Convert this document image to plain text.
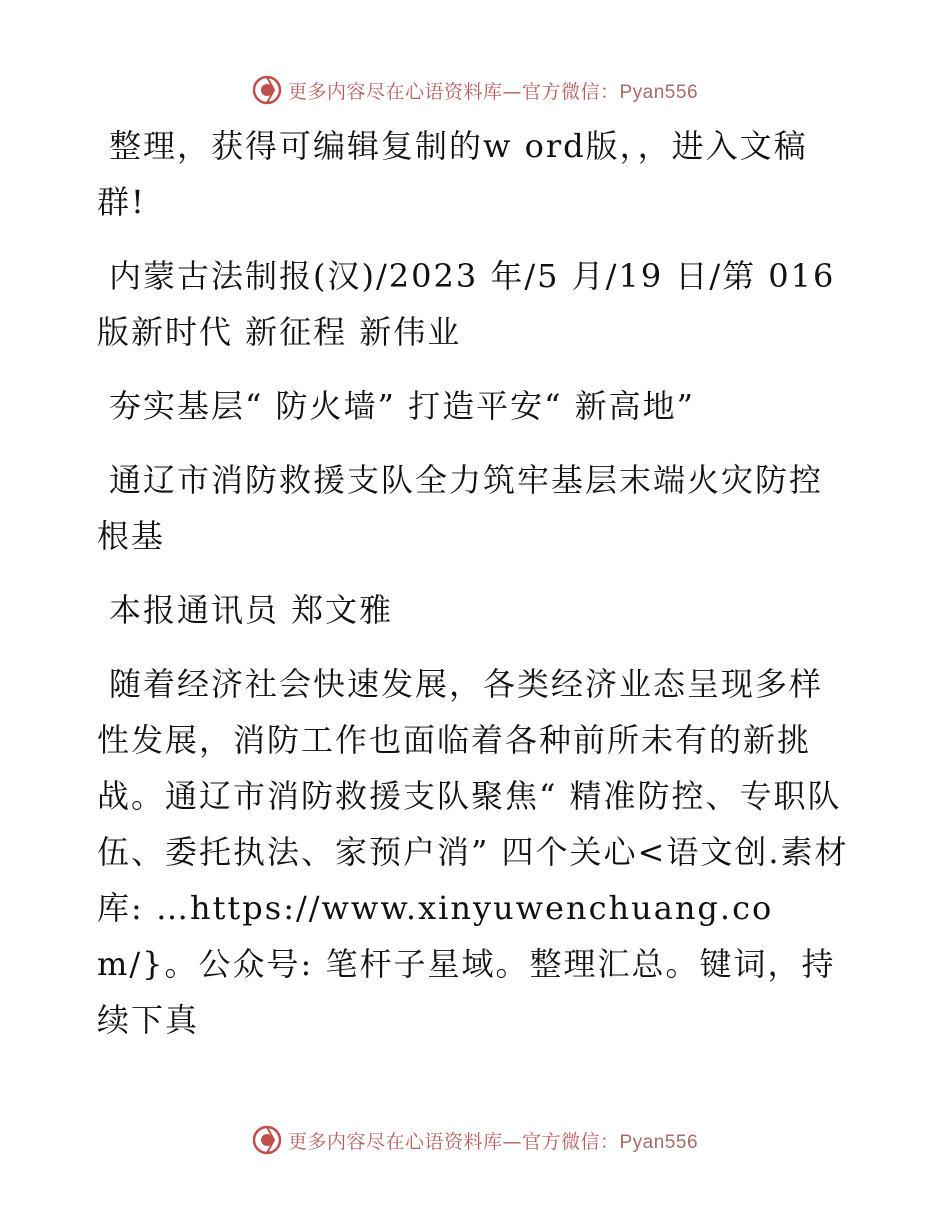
更多内容尽在心语资料库—官方微信：Pyan556

整理，获得可编辑复制的w ord版，，进入文稿群!

内蒙古法制报(汉)/2023 年/5 月/19 日/第 016 版新时代 新征程 新伟业

夯实基层“ 防火墙” 打造平安“ 新高地”

通辽市消防救援支队全力筑牢基层末端火灾防控根基

本报通讯员 郑文雅

随着经济社会快速发展，各类经济业态呈现多样性发展，消防工作也面临着各种前所未有的新挑战。通辽市消防救援支队聚焦“ 精准防控、专职队伍、委托执法、家预户消” 四个关心<语文创.素材库: …https://www.xinyuwenchuang.com/}。公众号: 笔杆子星域。整理汇总。键词，持续下真

更多内容尽在心语资料库—官方微信：Pyan556
